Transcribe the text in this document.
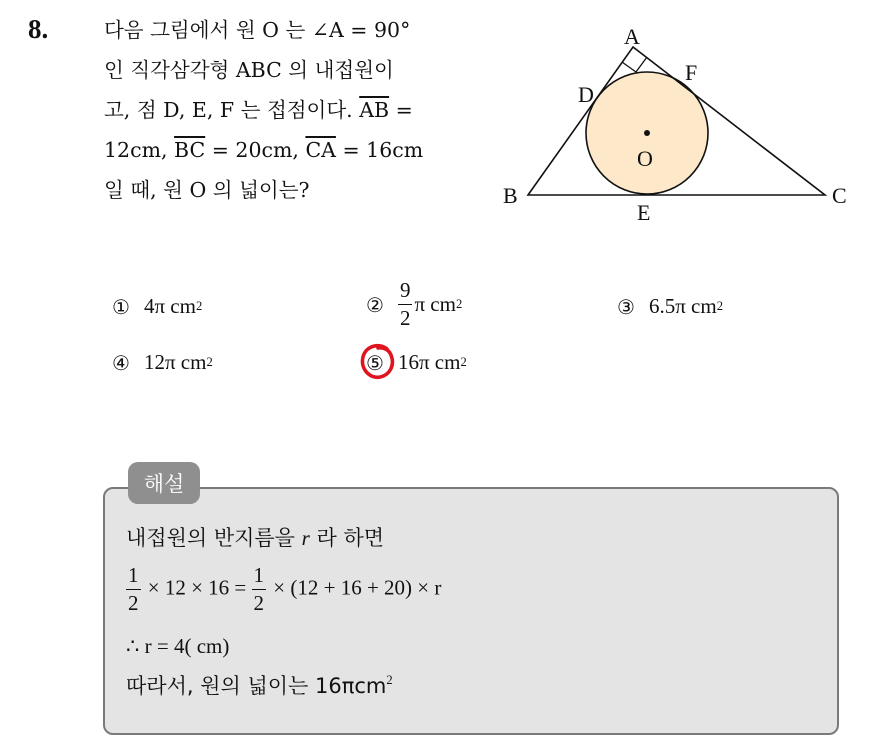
8.	다음 그림에서 원 O 는 ∠A = 90°
인 직각삼각형 ABC 의 내접원이
고, 점 D, E, F 는 접점이다. $\overline{AB}$ =
12cm, $\overline{BC} = 20cm$, $\overline{CA} = 16cm$
일 때, 원 O 의 넓이는?
A
D
F
O
B	C
E
① 4π cm 2	② $\frac{9}{2}$ π cm 2	③ 6.5π cm 2
④ 12π cm 2	⑤ 16π cm 2
해설
내접원의 반지름을 r 라 하면
$\frac{1}{2} \times 12 \times 16 = \frac{1}{2} \times (12 + 16 + 20) \times r$
∴ r = 4( cm)
따라서, 원의 넓이는 16πcm$^2$
